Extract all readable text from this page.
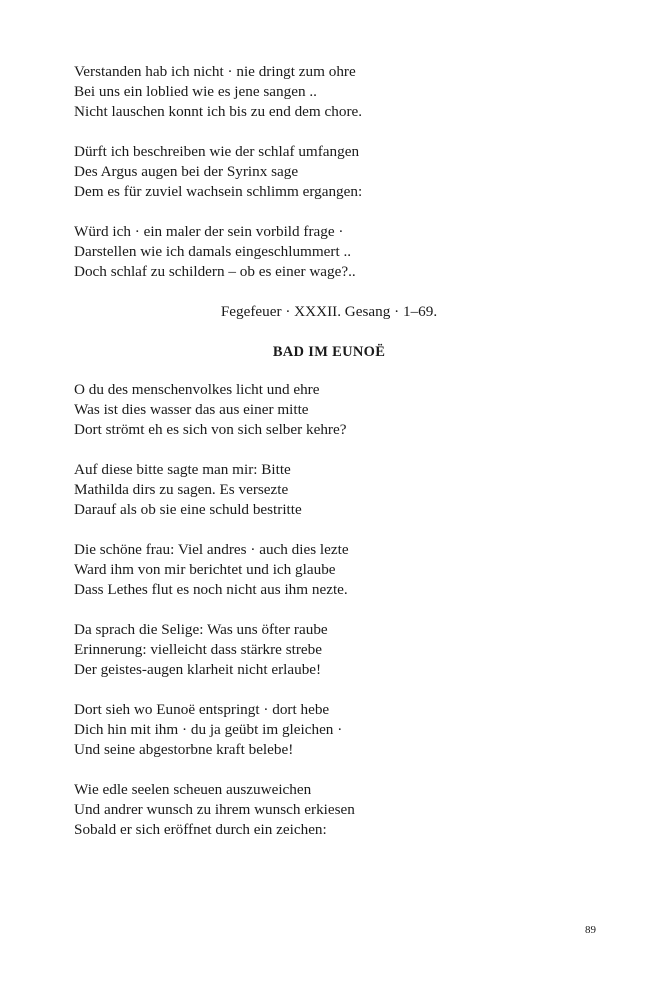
Verstanden hab ich nicht · nie dringt zum ohre
Bei uns ein loblied wie es jene sangen ..
Nicht lauschen konnt ich bis zu end dem chore.
Dürft ich beschreiben wie der schlaf umfangen
Des Argus augen bei der Syrinx sage
Dem es für zuviel wachsein schlimm ergangen:
Würd ich · ein maler der sein vorbild frage ·
Darstellen wie ich damals eingeschlummert ..
Doch schlaf zu schildern – ob es einer wage?..
Fegefeuer · XXXII. Gesang · 1–69.
BAD IM EUNOË
O du des menschenvolkes licht und ehre
Was ist dies wasser das aus einer mitte
Dort strömt eh es sich von sich selber kehre?
Auf diese bitte sagte man mir: Bitte
Mathilda dirs zu sagen. Es versezte
Darauf als ob sie eine schuld bestritte
Die schöne frau: Viel andres · auch dies lezte
Ward ihm von mir berichtet und ich glaube
Dass Lethes flut es noch nicht aus ihm nezte.
Da sprach die Selige: Was uns öfter raube
Erinnerung: vielleicht dass stärkre strebe
Der geistes-augen klarheit nicht erlaube!
Dort sieh wo Eunoë entspringt · dort hebe
Dich hin mit ihm · du ja geübt im gleichen ·
Und seine abgestorbne kraft belebe!
Wie edle seelen scheuen auszuweichen
Und andrer wunsch zu ihrem wunsch erkiesen
Sobald er sich eröffnet durch ein zeichen:
89
